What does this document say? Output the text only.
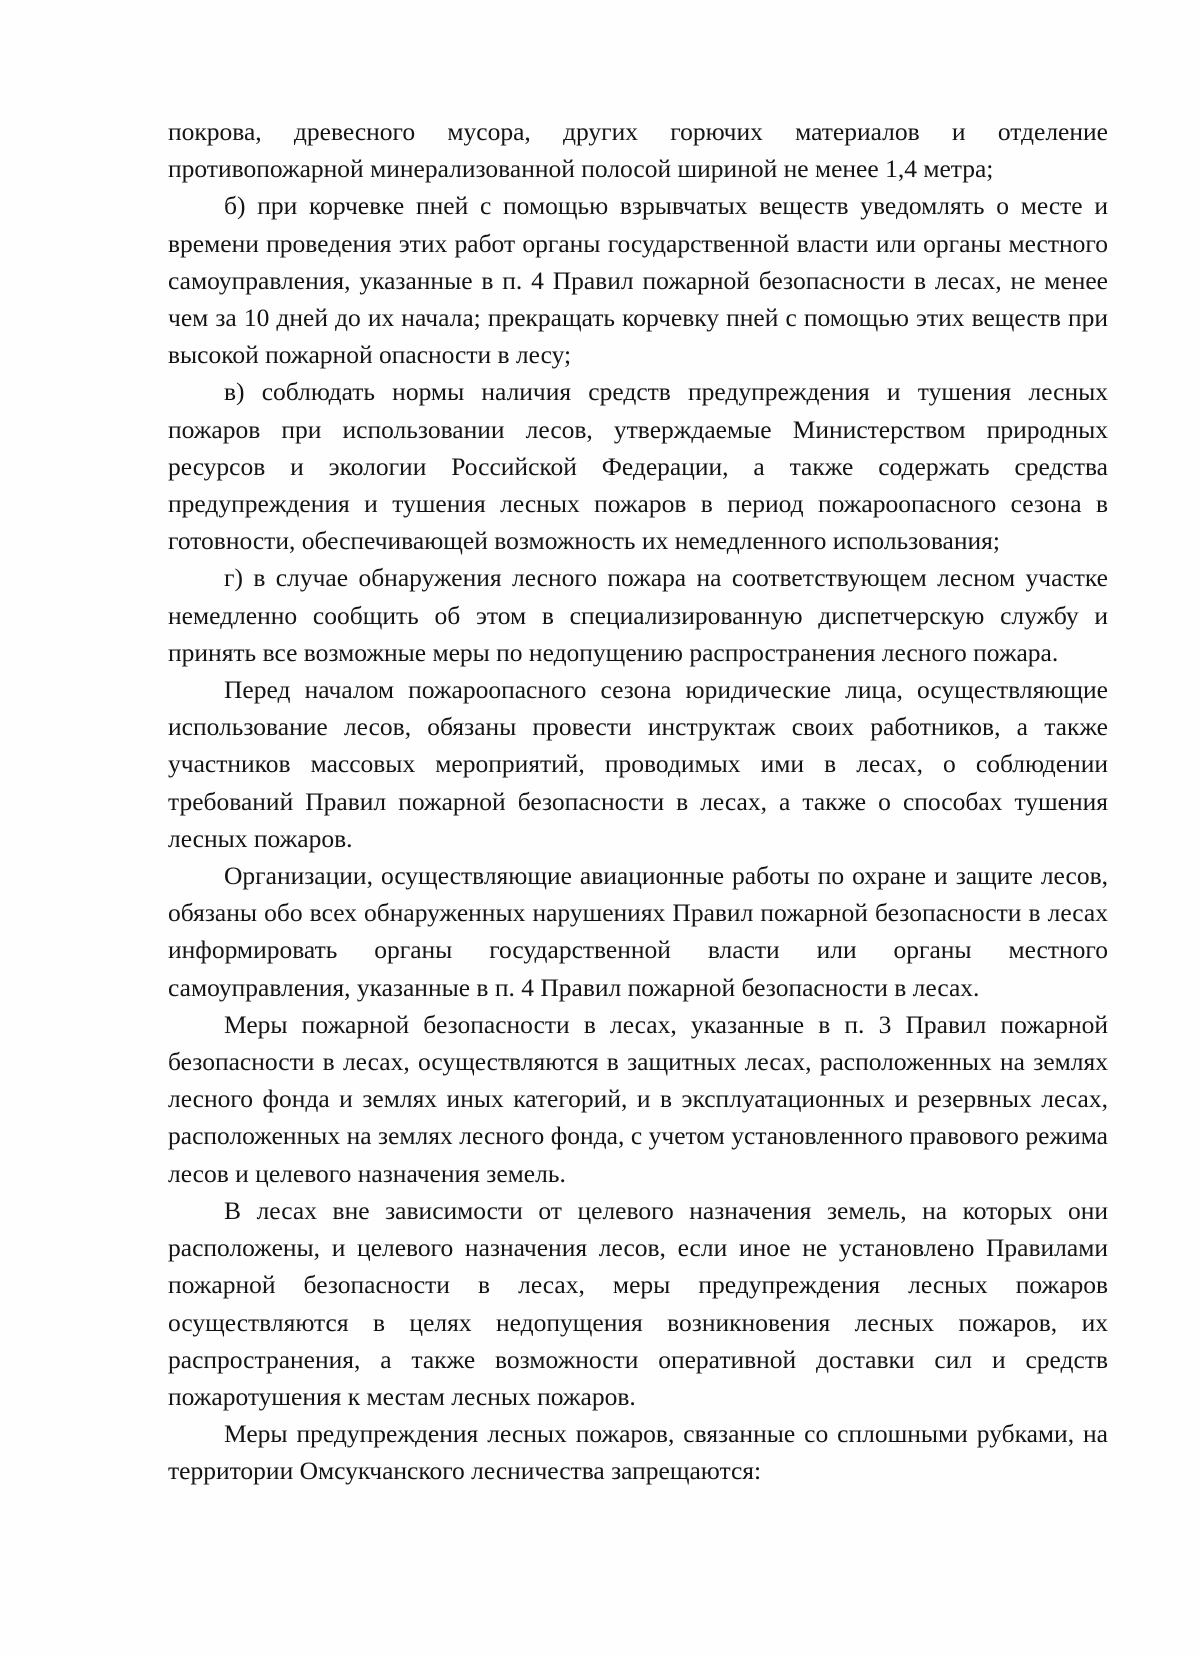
покрова, древесного мусора, других горючих материалов и отделение противопожарной минерализованной полосой шириной не менее 1,4 метра;

б) при корчевке пней с помощью взрывчатых веществ уведомлять о месте и времени проведения этих работ органы государственной власти или органы местного самоуправления, указанные в п. 4 Правил пожарной безопасности в лесах, не менее чем за 10 дней до их начала; прекращать корчевку пней с помощью этих веществ при высокой пожарной опасности в лесу;

в) соблюдать нормы наличия средств предупреждения и тушения лесных пожаров при использовании лесов, утверждаемые Министерством природных ресурсов и экологии Российской Федерации, а также содержать средства предупреждения и тушения лесных пожаров в период пожароопасного сезона в готовности, обеспечивающей возможность их немедленного использования;

г) в случае обнаружения лесного пожара на соответствующем лесном участке немедленно сообщить об этом в специализированную диспетчерскую службу и принять все возможные меры по недопущению распространения лесного пожара.

Перед началом пожароопасного сезона юридические лица, осуществляющие использование лесов, обязаны провести инструктаж своих работников, а также участников массовых мероприятий, проводимых ими в лесах, о соблюдении требований Правил пожарной безопасности в лесах, а также о способах тушения лесных пожаров.

Организации, осуществляющие авиационные работы по охране и защите лесов, обязаны обо всех обнаруженных нарушениях Правил пожарной безопасности в лесах информировать органы государственной власти или органы местного самоуправления, указанные в п. 4 Правил пожарной безопасности в лесах.

Меры пожарной безопасности в лесах, указанные в п. 3 Правил пожарной безопасности в лесах, осуществляются в защитных лесах, расположенных на землях лесного фонда и землях иных категорий, и в эксплуатационных и резервных лесах, расположенных на землях лесного фонда, с учетом установленного правового режима лесов и целевого назначения земель.

В лесах вне зависимости от целевого назначения земель, на которых они расположены, и целевого назначения лесов, если иное не установлено Правилами пожарной безопасности в лесах, меры предупреждения лесных пожаров осуществляются в целях недопущения возникновения лесных пожаров, их распространения, а также возможности оперативной доставки сил и средств пожаротушения к местам лесных пожаров.

Меры предупреждения лесных пожаров, связанные со сплошными рубками, на территории Омсукчанского лесничества запрещаются:
